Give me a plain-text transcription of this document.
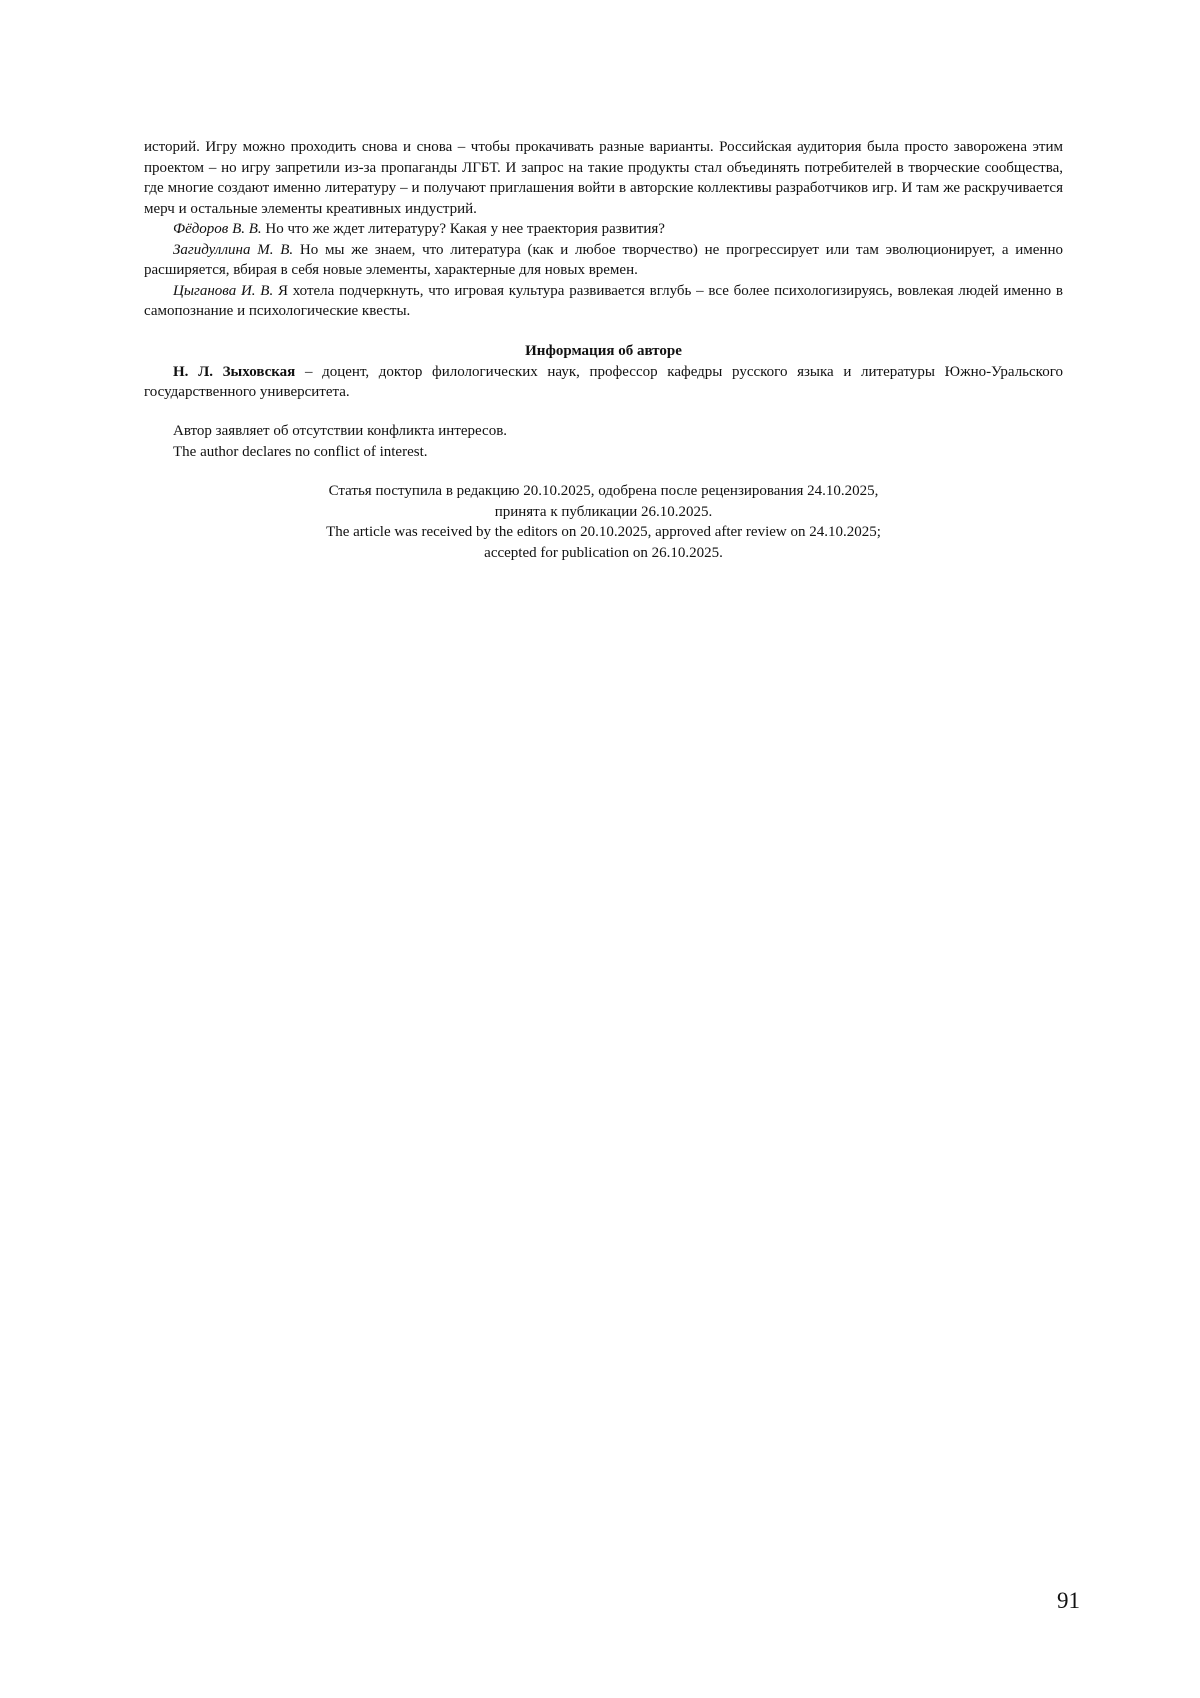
историй. Игру можно проходить снова и снова – чтобы прокачивать разные варианты. Российская аудитория была просто заворожена этим проектом – но игру запретили из-за пропаганды ЛГБТ. И запрос на такие продукты стал объединять потребителей в творческие сообщества, где многие создают именно литературу – и получают приглашения войти в авторские коллективы разработчиков игр. И там же раскручивается мерч и остальные элементы креативных индустрий.

Фёдоров В. В. Но что же ждет литературу? Какая у нее траектория развития?

Загидуллина М. В. Но мы же знаем, что литература (как и любое творчество) не прогрессирует или там эволюционирует, а именно расширяется, вбирая в себя новые элементы, характерные для новых времен.

Цыганова И. В. Я хотела подчеркнуть, что игровая культура развивается вглубь – все более психологизируясь, вовлекая людей именно в самопознание и психологические квесты.

Информация об авторе

Н. Л. Зыховская – доцент, доктор филологических наук, профессор кафедры русского языка и литературы Южно-Уральского государственного университета.

Автор заявляет об отсутствии конфликта интересов.

The author declares no conflict of interest.

Статья поступила в редакцию 20.10.2025, одобрена после рецензирования 24.10.2025,

принята к публикации 26.10.2025.

The article was received by the editors on 20.10.2025, approved after review on 24.10.2025;

accepted for publication on 26.10.2025.

91
